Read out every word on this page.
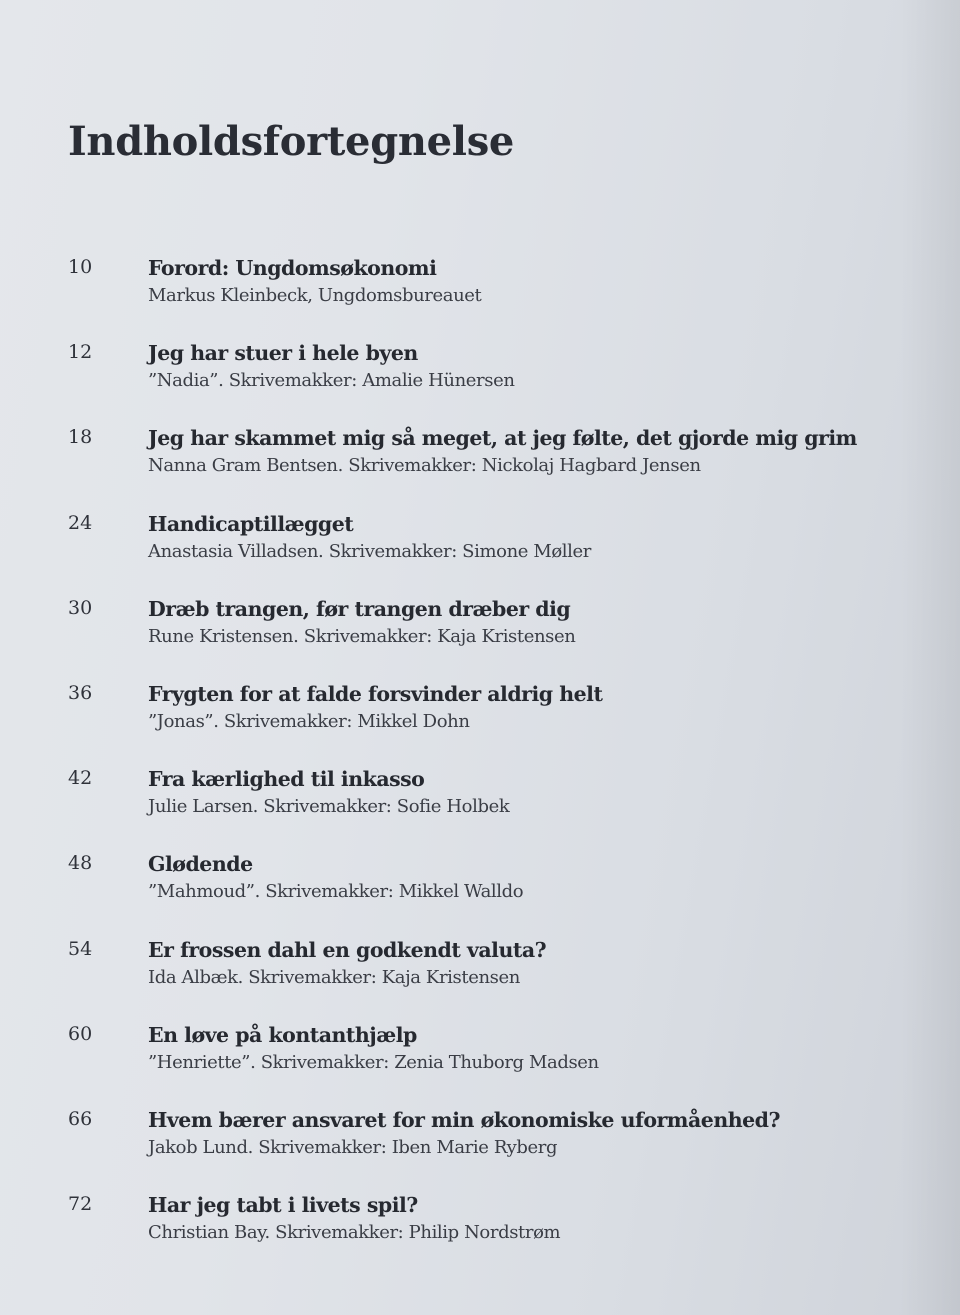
Indholdsfortegnelse
10	Forord: Ungdomsøkonomi
Markus Kleinbeck, Ungdomsbureauet
12	Jeg har stuer i hele byen
”Nadia”. Skrivemakker: Amalie Hünersen
18	Jeg har skammet mig så meget, at jeg følte, det gjorde mig grim
Nanna Gram Bentsen. Skrivemakker: Nickolaj Hagbard Jensen
24	Handicaptillægget
Anastasia Villadsen. Skrivemakker: Simone Møller
30	Dræb trangen, før trangen dræber dig
Rune Kristensen. Skrivemakker: Kaja Kristensen
36	Frygten for at falde forsvinder aldrig helt
”Jonas”. Skrivemakker: Mikkel Dohn
42	Fra kærlighed til inkasso
Julie Larsen. Skrivemakker: Sofie Holbek
48	Glødende
”Mahmoud”. Skrivemakker: Mikkel Walldo
54	Er frossen dahl en godkendt valuta?
Ida Albæk. Skrivemakker: Kaja Kristensen
60	En løve på kontanthjælp
”Henriette”. Skrivemakker: Zenia Thuborg Madsen
66	Hvem bærer ansvaret for min økonomiske uformåenhed?
Jakob Lund. Skrivemakker: Iben Marie Ryberg
72	Har jeg tabt i livets spil?
Christian Bay. Skrivemakker: Philip Nordstrøm
